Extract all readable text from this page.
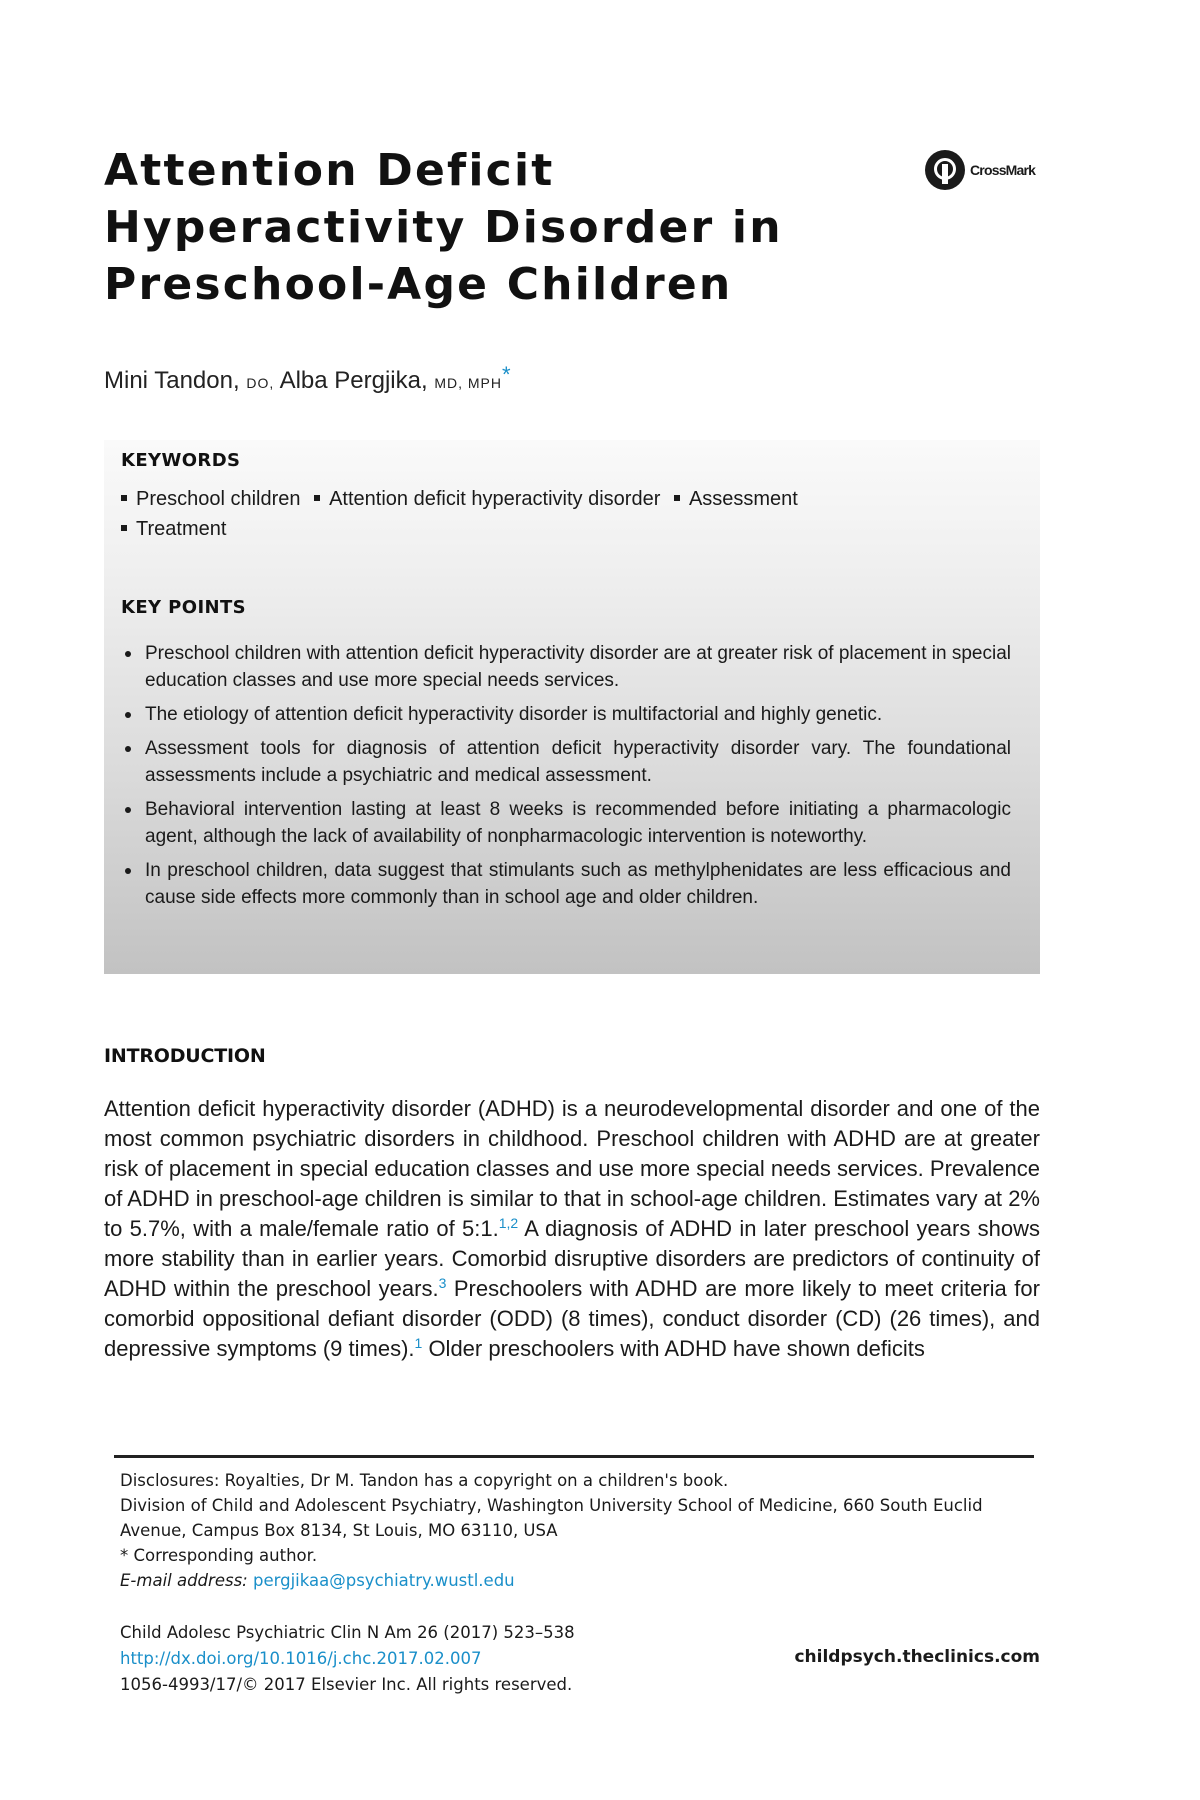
Attention Deficit Hyperactivity Disorder in Preschool-Age Children
CrossMark
Mini Tandon, DO, Alba Pergjika, MD, MPH*
KEYWORDS
Preschool children Attention deficit hyperactivity disorder Assessment
Treatment
KEY POINTS
Preschool children with attention deficit hyperactivity disorder are at greater risk of placement in special education classes and use more special needs services.
The etiology of attention deficit hyperactivity disorder is multifactorial and highly genetic.
Assessment tools for diagnosis of attention deficit hyperactivity disorder vary. The foundational assessments include a psychiatric and medical assessment.
Behavioral intervention lasting at least 8 weeks is recommended before initiating a pharmacologic agent, although the lack of availability of nonpharmacologic intervention is noteworthy.
In preschool children, data suggest that stimulants such as methylphenidates are less efficacious and cause side effects more commonly than in school age and older children.
INTRODUCTION

Attention deficit hyperactivity disorder (ADHD) is a neurodevelopmental disorder and one of the most common psychiatric disorders in childhood. Preschool children with ADHD are at greater risk of placement in special education classes and use more special needs services. Prevalence of ADHD in preschool-age children is similar to that in school-age children. Estimates vary at 2% to 5.7%, with a male/female ratio of 5:1.$^{1,2}$ A diagnosis of ADHD in later preschool years shows more stability than in earlier years. Comorbid disruptive disorders are predictors of continuity of ADHD within the preschool years.$^3$ Preschoolers with ADHD are more likely to meet criteria for comorbid oppositional defiant disorder (ODD) (8 times), conduct disorder (CD) (26 times), and depressive symptoms (9 times).$^1$ Older preschoolers with ADHD have shown deficits

Disclosures: Royalties, Dr M. Tandon has a copyright on a children's book.
Division of Child and Adolescent Psychiatry, Washington University School of Medicine, 660 South Euclid Avenue, Campus Box 8134, St Louis, MO 63110, USA
* Corresponding author.
E-mail address: pergjikaa@psychiatry.wustl.edu
Child Adolesc Psychiatric Clin N Am 26 (2017) 523–538
http://dx.doi.org/10.1016/j.chc.2017.02.007
1056-4993/17/© 2017 Elsevier Inc. All rights reserved.
childpsych.theclinics.com
